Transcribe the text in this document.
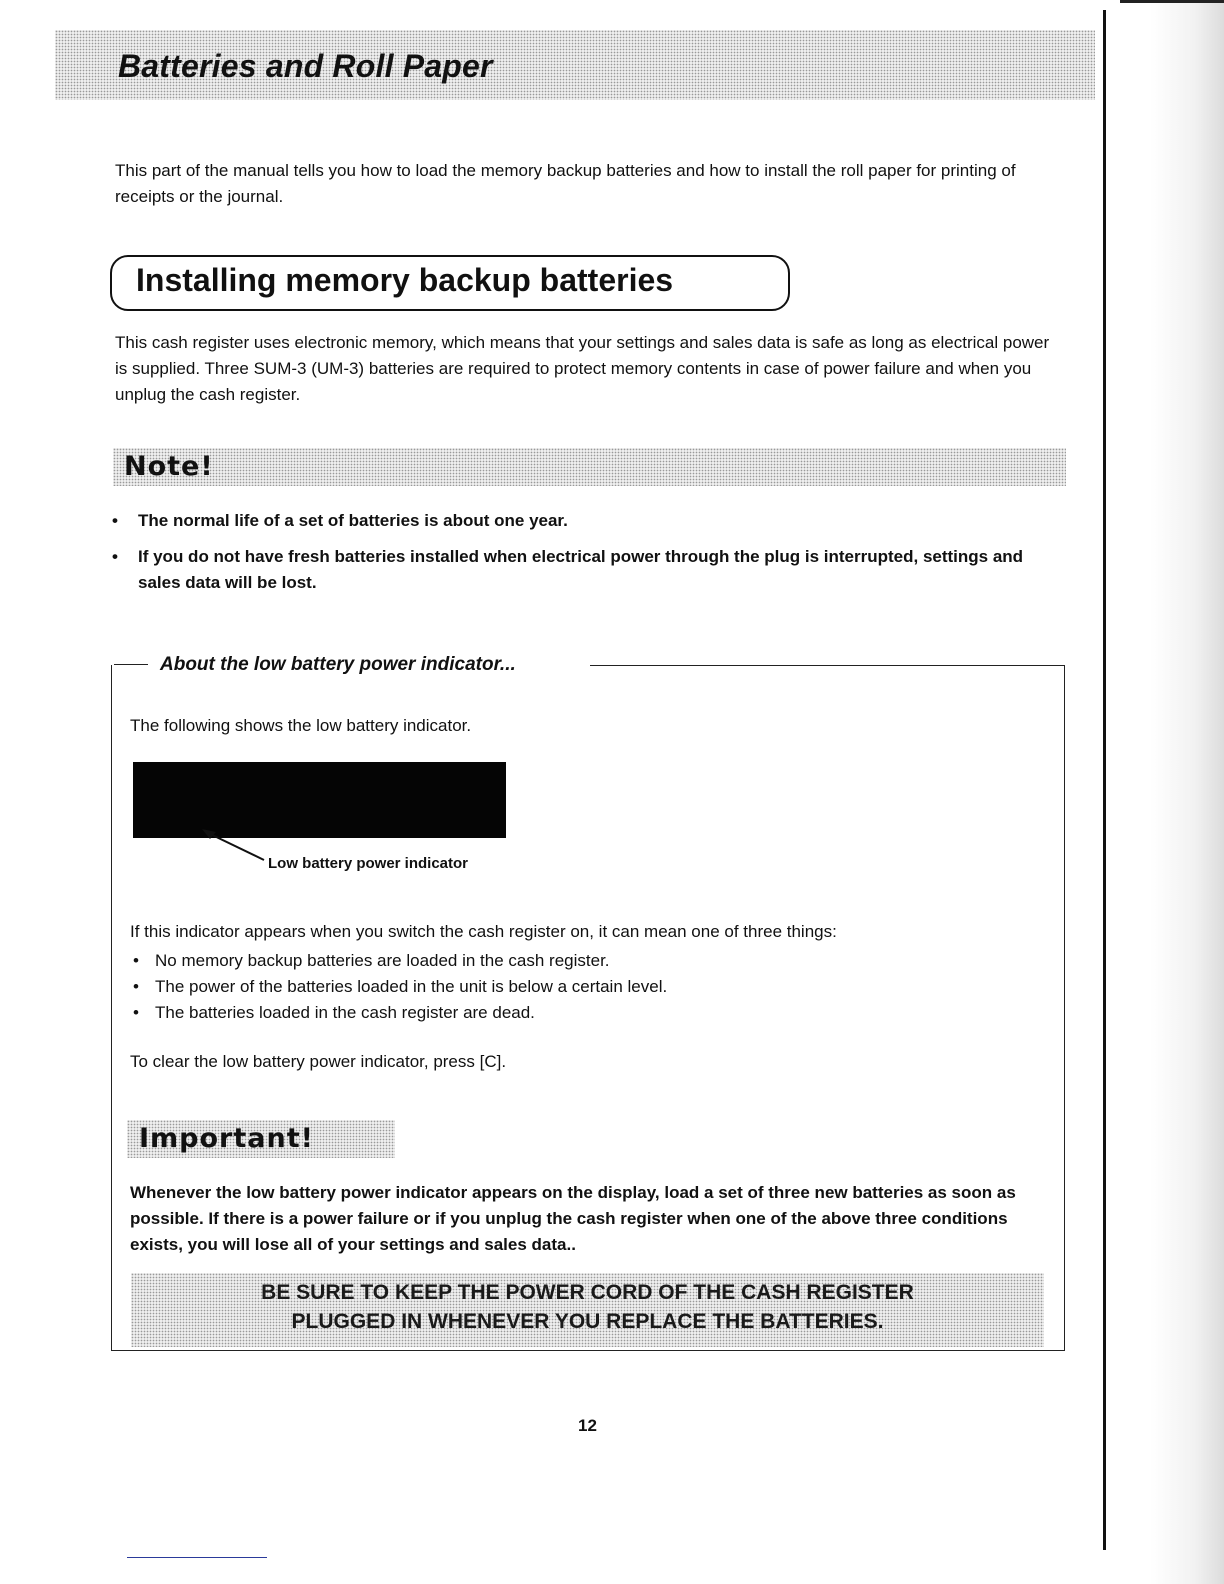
Batteries and Roll Paper

This part of the manual tells you how to load the memory backup batteries and how to install the roll paper for printing of receipts or the journal.

Installing memory backup batteries

This cash register uses electronic memory, which means that your settings and sales data is safe as long as electrical power is supplied. Three SUM-3 (UM-3) batteries are required to protect memory contents in case of power failure and when you unplug the cash register.

Note!
• The normal life of a set of batteries is about one year.
• If you do not have fresh batteries installed when electrical power through the plug is interrupted, settings and sales data will be lost.
About the low battery power indicator...

The following shows the low battery indicator.

Low battery power indicator

If this indicator appears when you switch the cash register on, it can mean one of three things:

• No memory backup batteries are loaded in the cash register.
• The power of the batteries loaded in the unit is below a certain level.
• The batteries loaded in the cash register are dead.

To clear the low battery power indicator, press [C].

Important!

Whenever the low battery power indicator appears on the display, load a set of three new batteries as soon as possible. If there is a power failure or if you unplug the cash register when one of the above three conditions exists, you will lose all of your settings and sales data..

BE SURE TO KEEP THE POWER CORD OF THE CASH REGISTER
PLUGGED IN WHENEVER YOU REPLACE THE BATTERIES.

12
